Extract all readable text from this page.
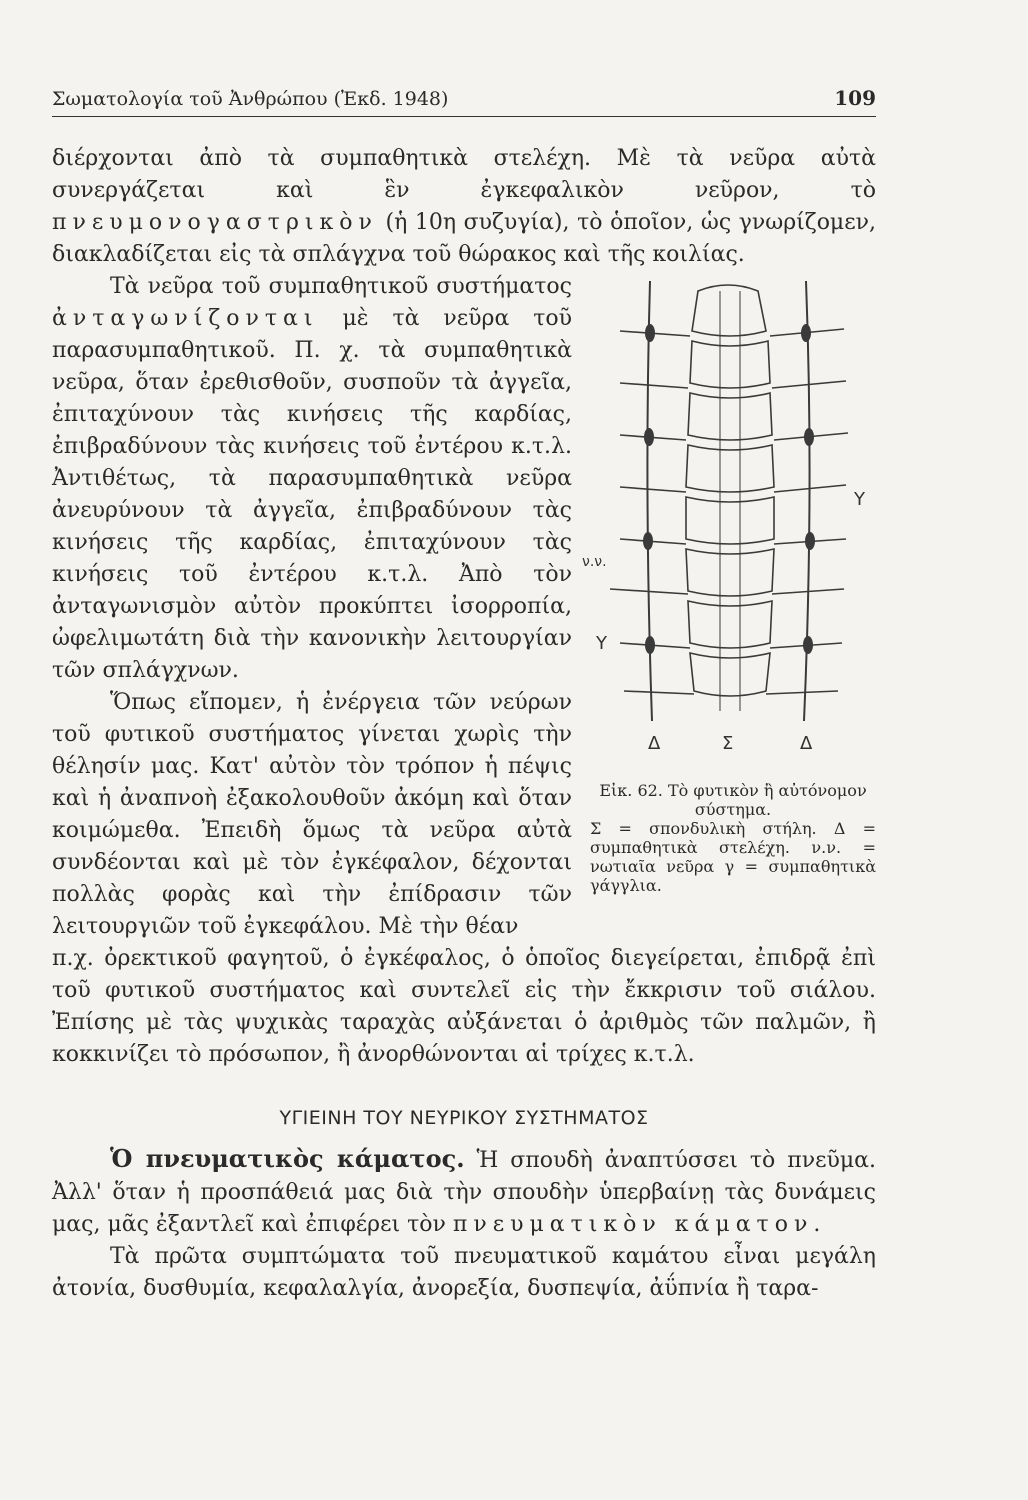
Σωματολογία τοῦ Ἀνθρώπου (Ἐκδ. 1948)	109

διέρχονται ἀπὸ τὰ συμπαθητικὰ στελέχη. Μὲ τὰ νεῦρα αὐτὰ συνεργάζεται καὶ ἓν ἐγκεφαλικὸν νεῦρον, τὸ πνευμονογαστρικὸν (ἡ 10η συζυγία), τὸ ὁποῖον, ὡς γνωρίζομεν, διακλαδίζεται εἰς τὰ σπλάγχνα τοῦ θώρακος καὶ τῆς κοιλίας.

Τὰ νεῦρα τοῦ συμπαθητικοῦ συστήματος ἀνταγωνίζονται μὲ τὰ νεῦρα τοῦ παρασυμπαθητικοῦ. Π. χ. τὰ συμπαθητικὰ νεῦρα, ὅταν ἐρεθισθοῦν, συσποῦν τὰ ἀγγεῖα, ἐπιταχύνουν τὰς κινήσεις τῆς καρδίας, ἐπιβραδύνουν τὰς κινήσεις τοῦ ἐντέρου κ.τ.λ. Ἀντιθέτως, τὰ παρασυμπαθητικὰ νεῦρα ἀνευρύνουν τὰ ἀγγεῖα, ἐπιβραδύνουν τὰς κινήσεις τῆς καρδίας, ἐπιταχύνουν τὰς κινήσεις τοῦ ἐντέρου κ.τ.λ. Ἀπὸ τὸν ἀνταγωνισμὸν αὐτὸν προκύπτει ἰσορροπία, ὠφελιμωτάτη διὰ τὴν κανονικὴν λειτουργίαν τῶν σπλάγχνων.

Ὅπως εἴπομεν, ἡ ἐνέργεια τῶν νεύρων τοῦ φυτικοῦ συστήματος γίνεται χωρὶς τὴν θέλησίν μας. Κατ' αὐτὸν τὸν τρόπον ἡ πέψις καὶ ἡ ἀναπνοὴ ἐξακολουθοῦν ἀκόμη καὶ ὅταν κοιμώμεθα. Ἐπειδὴ ὅμως τὰ νεῦρα αὐτὰ συνδέονται καὶ μὲ τὸν ἐγκέφαλον, δέχονται πολλὰς φορὰς καὶ τὴν ἐπίδρασιν τῶν λειτουργιῶν τοῦ ἐγκεφάλου. Μὲ τὴν θέαν

Υ
ν.ν.
Υ
Δ	Σ	Δ
Εἰκ. 62. Τὸ φυτικὸν ἢ αὐτόνομον σύστημα.
Σ = σπονδυλικὴ στήλη. Δ = συμπαθητικὰ στελέχη. ν.ν. = νωτιαῖα νεῦρα γ = συμπαθητικὰ γάγγλια.

π.χ. ὀρεκτικοῦ φαγητοῦ, ὁ ἐγκέφαλος, ὁ ὁποῖος διεγείρεται, ἐπιδρᾷ ἐπὶ τοῦ φυτικοῦ συστήματος καὶ συντελεῖ εἰς τὴν ἔκκρισιν τοῦ σιάλου. Ἐπίσης μὲ τὰς ψυχικὰς ταραχὰς αὐξάνεται ὁ ἀριθμὸς τῶν παλμῶν, ἢ κοκκινίζει τὸ πρόσωπον, ἢ ἀνορθώνονται αἱ τρίχες κ.τ.λ.

ΥΓΙΕΙΝΗ ΤΟΥ ΝΕΥΡΙΚΟΥ ΣΥΣΤΗΜΑΤΟΣ

Ὁ πνευματικὸς κάματος. Ἡ σπουδὴ ἀναπτύσσει τὸ πνεῦμα. Ἀλλ' ὅταν ἡ προσπάθειά μας διὰ τὴν σπουδὴν ὑπερβαίνῃ τὰς δυνάμεις μας, μᾶς ἐξαντλεῖ καὶ ἐπιφέρει τὸν πνευματικὸν κάματον.

Τὰ πρῶτα συμπτώματα τοῦ πνευματικοῦ καμάτου εἶναι μεγάλη ἀτονία, δυσθυμία, κεφαλαλγία, ἀνορεξία, δυσπεψία, ἀΰπνία ἢ ταρα-
